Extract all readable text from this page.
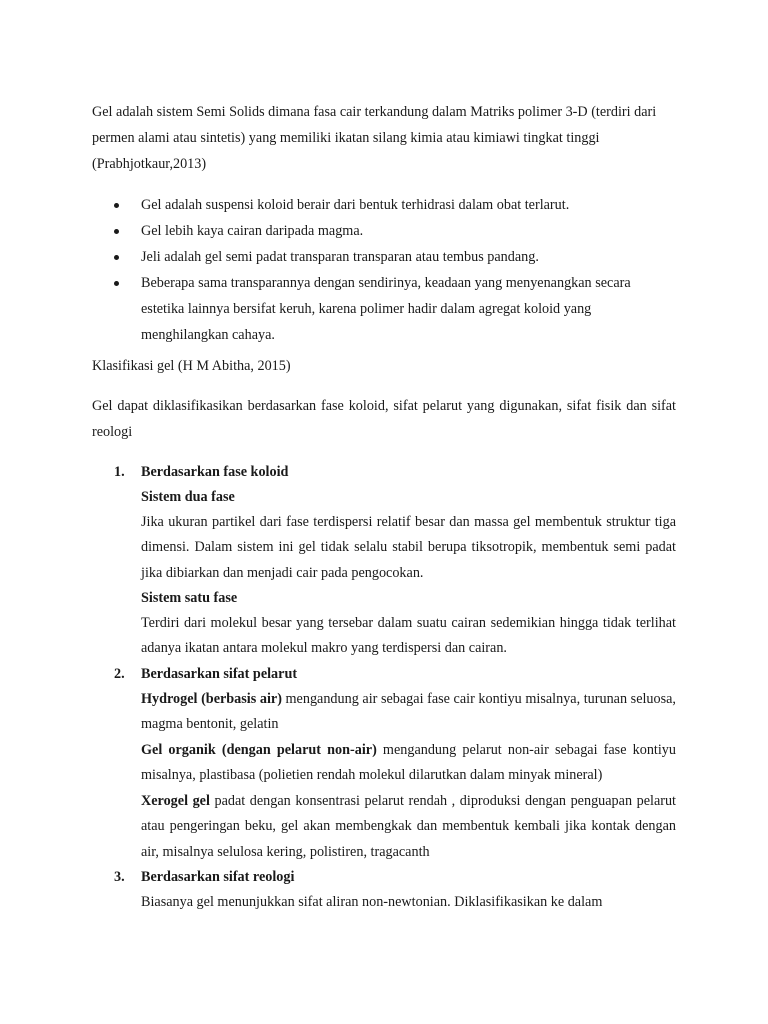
Gel adalah sistem Semi Solids dimana fasa cair terkandung dalam Matriks polimer 3-D (terdiri dari permen alami atau sintetis) yang memiliki ikatan silang kimia atau kimiawi tingkat tinggi (Prabhjotkaur,2013)

Gel adalah suspensi koloid berair dari bentuk terhidrasi dalam obat terlarut.
Gel lebih kaya cairan daripada magma.
Jeli adalah gel semi padat transparan transparan atau tembus pandang.
Beberapa sama transparannya dengan sendirinya, keadaan yang menyenangkan secara estetika lainnya bersifat keruh, karena polimer hadir dalam agregat koloid yang menghilangkan cahaya.

Klasifikasi gel (H M Abitha, 2015)

Gel dapat diklasifikasikan berdasarkan fase koloid, sifat pelarut yang digunakan, sifat fisik dan sifat reologi

1. Berdasarkan fase koloid
Sistem dua fase
Jika ukuran partikel dari fase terdispersi relatif besar dan massa gel membentuk struktur tiga dimensi. Dalam sistem ini gel tidak selalu stabil berupa tiksotropik, membentuk semi padat jika dibiarkan dan menjadi cair pada pengocokan.
Sistem satu fase
Terdiri dari molekul besar yang tersebar dalam suatu cairan sedemikian hingga tidak terlihat adanya ikatan antara molekul makro yang terdispersi dan cairan.
2. Berdasarkan sifat pelarut
Hydrogel (berbasis air) mengandung air sebagai fase cair kontiyu misalnya, turunan seluosa, magma bentonit, gelatin
Gel organik (dengan pelarut non-air) mengandung pelarut non-air sebagai fase kontiyu misalnya, plastibasa (polietien rendah molekul dilarutkan dalam minyak mineral)
Xerogel gel padat dengan konsentrasi pelarut rendah , diproduksi dengan penguapan pelarut atau pengeringan beku, gel akan membengkak dan membentuk kembali jika kontak dengan air, misalnya selulosa kering, polistiren, tragacanth
3. Berdasarkan sifat reologi
Biasanya gel menunjukkan sifat aliran non-newtonian. Diklasifikasikan ke dalam
